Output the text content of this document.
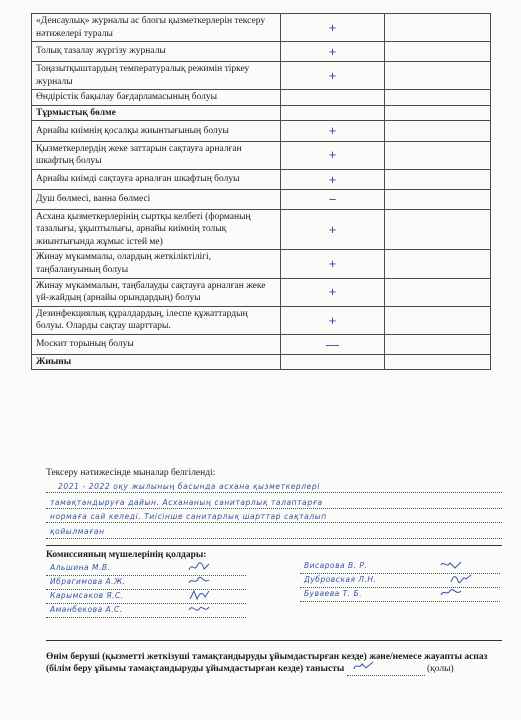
«Денсаулық» журналы ас блогы қызметкерлерін тексеру нәтижелері туралы	+	
Толық тазалау жүргізу журналы	+	
Тоңазытқыштардың температуралық режимін тіркеу журналы	+	
Өндірістік бақылау бағдарламасының болуы		
Тұрмыстық бөлме		
Арнайы киімнің қосалқы жиынтығының болуы	+	
Қызметкерлердің жеке заттарын сақтауға арналған шкафтың болуы	+	
Арнайы киімді сақтауға арналған шкафтың болуы	+	
Душ бөлмесі, ванна бөлмесі	−	
Асхана қызметкерлерінің сыртқы келбеті (форманың тазалығы, ұқыптылығы, арнайы киімнің толық жиынтығында жұмыс істей ме)	+	
Жинау мүкаммалы, олардың жеткіліктілігі, таңбалануының болуы	+	
Жинау мүкаммалын, таңбалауды сақтауға арналған жеке үй-жайдың (арнайы орындардың) болуы	+	
Дезинфекциялық құралдардың, ілеспе құжаттардың болуы. Оларды сақтау шарттары.	+	
Москит торының болуы	—	
Жиыны		
Тексеру нәтижесінде мыналар белгіленді:
2021 - 2022 оқу жылының басында асхана қызметкерлері
тамақтандыруға дайын. Асхананың санитарлық талаптарға
нормаға сай келеді. Тиісінше санитарлық шарттар сақталып
қойылмаған
Комиссияның мүшелерінің қолдары:
Альшина М.В.
Ибрагимова А.Ж.
Карымсаков Я.С.
Аманбекова А.С.
Висарова В. Р.
Дубровская Л.Н.
Буваева Т. Б.
Өнім беруші (қызметті жеткізуші тамақтандыруды ұйымдастырған кезде) және/немесе жауапты аспаз (білім беру ұйымы тамақтандыруды ұйымдастырған кезде) танысты	(қолы)
